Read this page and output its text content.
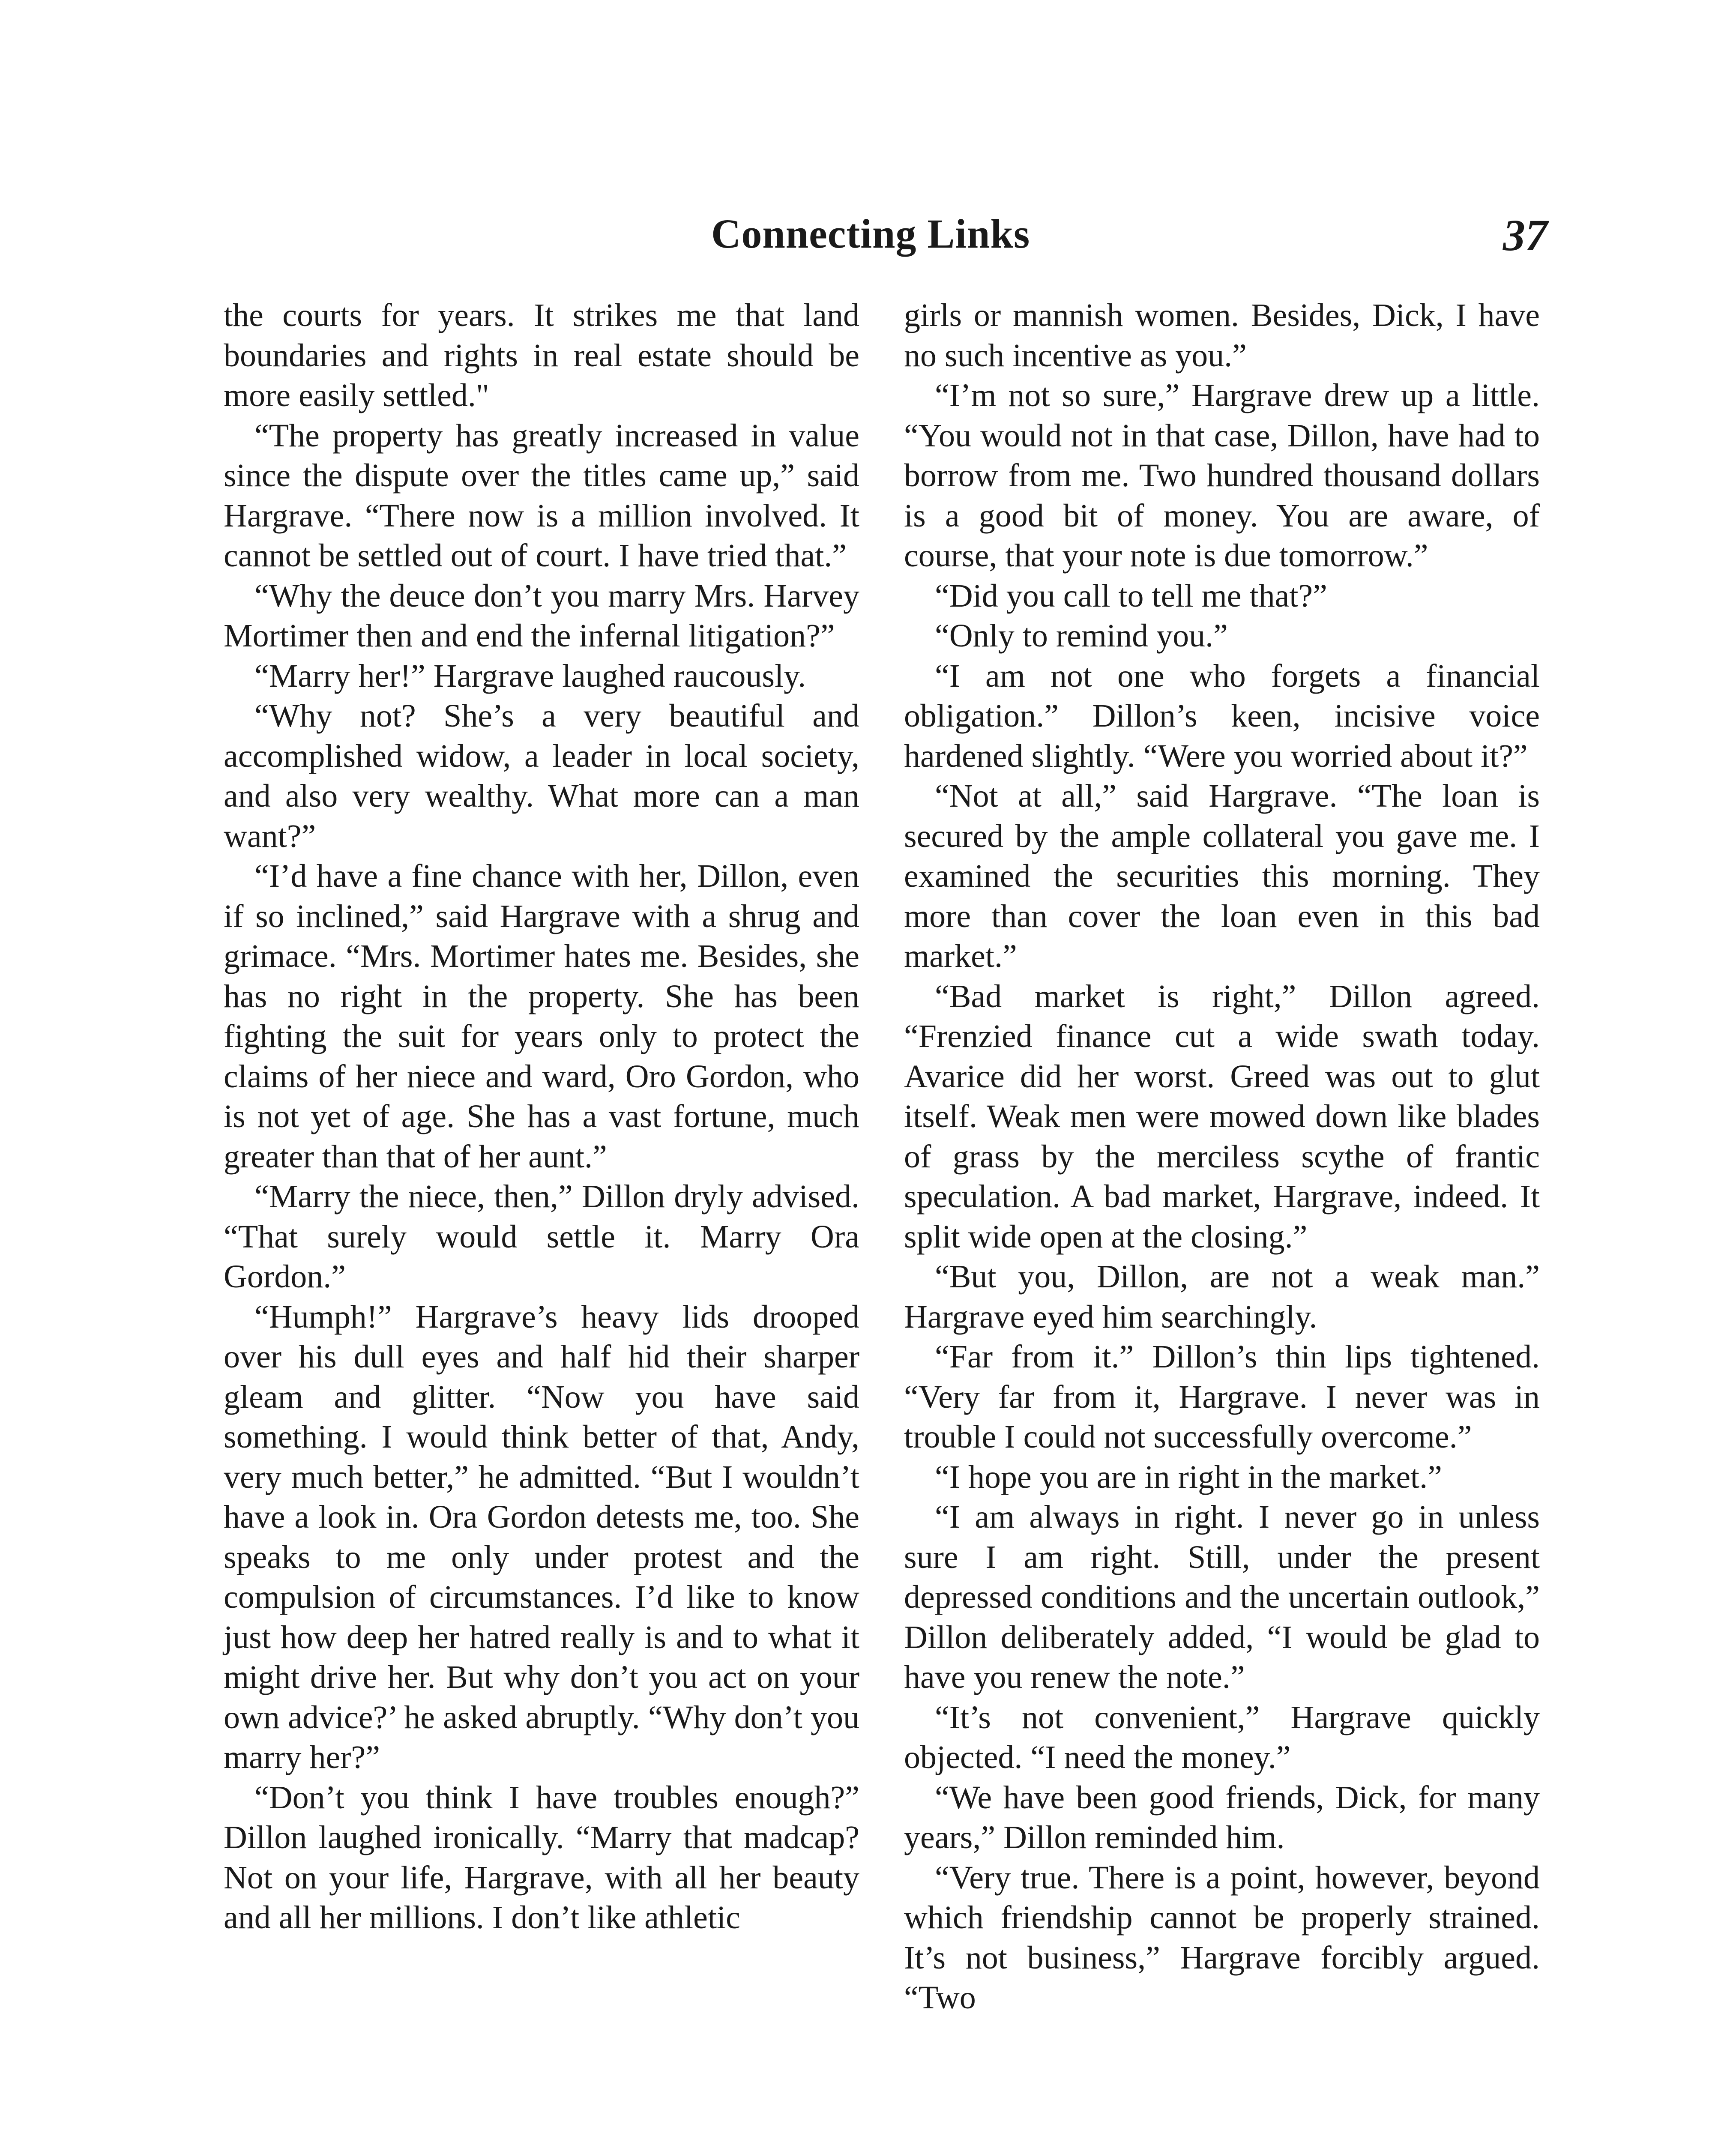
Connecting Links	37

the courts for years. It strikes me that land boundaries and rights in real estate should be more easily settled."

“The property has greatly increased in value since the dispute over the titles came up,” said Hargrave. “There now is a million involved. It cannot be settled out of court. I have tried that.”

“Why the deuce don’t you marry Mrs. Harvey Mortimer then and end the infernal litigation?”

“Marry her!” Hargrave laughed raucously.

“Why not? She’s a very beautiful and accomplished widow, a leader in local society, and also very wealthy. What more can a man want?”

“I’d have a fine chance with her, Dillon, even if so inclined,” said Hargrave with a shrug and grimace. “Mrs. Mortimer hates me. Besides, she has no right in the property. She has been fighting the suit for years only to protect the claims of her niece and ward, Oro Gordon, who is not yet of age. She has a vast fortune, much greater than that of her aunt.”

“Marry the niece, then,” Dillon dryly advised. “That surely would settle it. Marry Ora Gordon.”

“Humph!” Hargrave’s heavy lids drooped over his dull eyes and half hid their sharper gleam and glitter. “Now you have said something. I would think better of that, Andy, very much better,” he admitted. “But I wouldn’t have a look in. Ora Gordon detests me, too. She speaks to me only under protest and the compulsion of circumstances. I’d like to know just how deep her hatred really is and to what it might drive her. But why don’t you act on your own advice?’ he asked abruptly. “Why don’t you marry her?”

“Don’t you think I have troubles enough?” Dillon laughed ironically. “Marry that madcap? Not on your life, Hargrave, with all her beauty and all her millions. I don’t like athletic

girls or mannish women. Besides, Dick, I have no such incentive as you.”

“I’m not so sure,” Hargrave drew up a little. “You would not in that case, Dillon, have had to borrow from me. Two hundred thousand dollars is a good bit of money. You are aware, of course, that your note is due tomorrow.”

“Did you call to tell me that?”

“Only to remind you.”

“I am not one who forgets a financial obligation.” Dillon’s keen, incisive voice hardened slightly. “Were you worried about it?”

“Not at all,” said Hargrave. “The loan is secured by the ample collateral you gave me. I examined the securities this morning. They more than cover the loan even in this bad market.”

“Bad market is right,” Dillon agreed. “Frenzied finance cut a wide swath today. Avarice did her worst. Greed was out to glut itself. Weak men were mowed down like blades of grass by the merciless scythe of frantic speculation. A bad market, Hargrave, indeed. It split wide open at the closing.”

“But you, Dillon, are not a weak man.” Hargrave eyed him searchingly.

“Far from it.” Dillon’s thin lips tightened. “Very far from it, Hargrave. I never was in trouble I could not successfully overcome.”

“I hope you are in right in the market.”

“I am always in right. I never go in unless sure I am right. Still, under the present depressed conditions and the uncertain outlook,” Dillon deliberately added, “I would be glad to have you renew the note.”

“It’s not convenient,” Hargrave quickly objected. “I need the money.”

“We have been good friends, Dick, for many years,” Dillon reminded him.

“Very true. There is a point, however, beyond which friendship cannot be properly strained. It’s not business,” Hargrave forcibly argued. “Two
